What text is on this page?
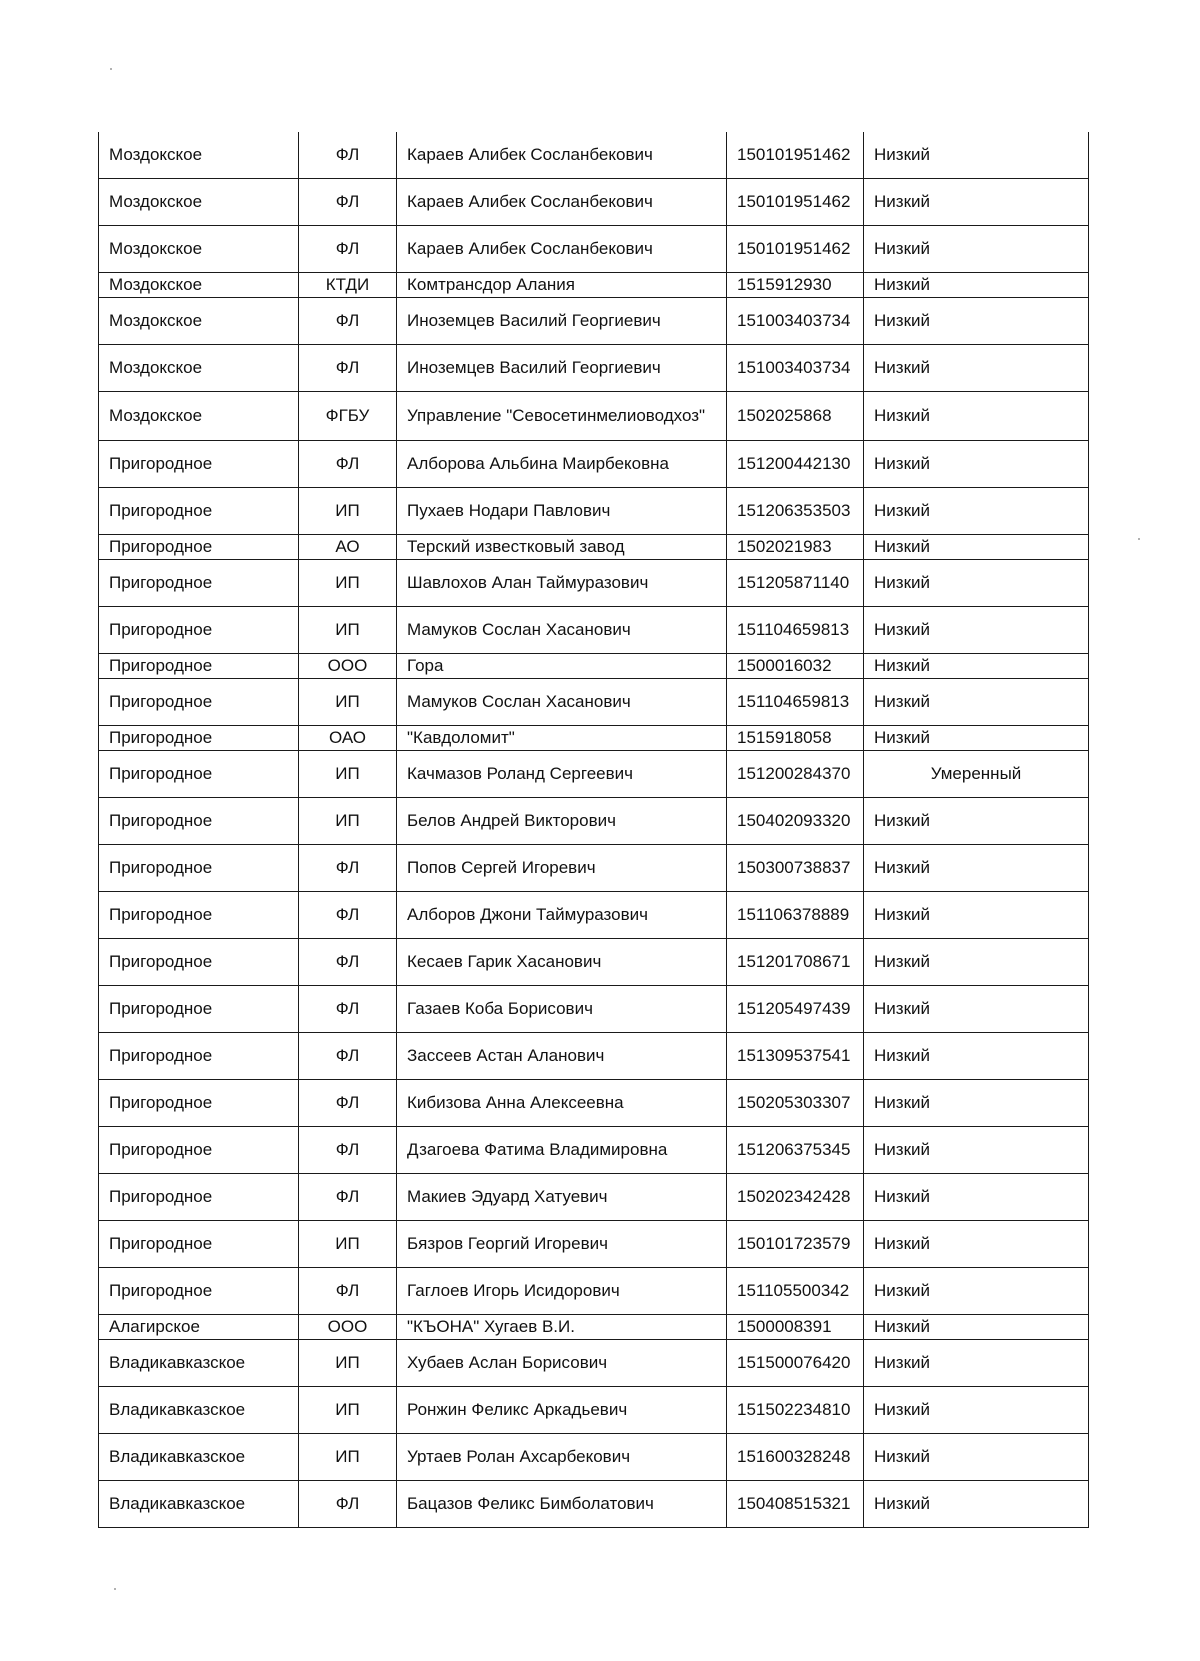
Моздокское	ФЛ	Караев Алибек Сосланбекович	150101951462	Низкий
Моздокское	ФЛ	Караев Алибек Сосланбекович	150101951462	Низкий
Моздокское	ФЛ	Караев Алибек Сосланбекович	150101951462	Низкий
Моздокское	КТДИ	Комтрансдор Алания	1515912930	Низкий
Моздокское	ФЛ	Иноземцев Василий Георгиевич	151003403734	Низкий
Моздокское	ФЛ	Иноземцев Василий Георгиевич	151003403734	Низкий
Моздокское	ФГБУ	Управление "Севосетинмелиоводхоз"	1502025868	Низкий
Пригородное	ФЛ	Алборова Альбина Маирбековна	151200442130	Низкий
Пригородное	ИП	Пухаев Нодари Павлович	151206353503	Низкий
Пригородное	АО	Терский известковый завод	1502021983	Низкий
Пригородное	ИП	Шавлохов Алан Таймуразович	151205871140	Низкий
Пригородное	ИП	Мамуков Сослан Хасанович	151104659813	Низкий
Пригородное	ООО	Гора	1500016032	Низкий
Пригородное	ИП	Мамуков Сослан Хасанович	151104659813	Низкий
Пригородное	ОАО	"Кавдоломит"	1515918058	Низкий
Пригородное	ИП	Качмазов Роланд Сергеевич	151200284370	Умеренный
Пригородное	ИП	Белов Андрей Викторович	150402093320	Низкий
Пригородное	ФЛ	Попов Сергей Игоревич	150300738837	Низкий
Пригородное	ФЛ	Алборов Джони Таймуразович	151106378889	Низкий
Пригородное	ФЛ	Кесаев Гарик Хасанович	151201708671	Низкий
Пригородное	ФЛ	Газаев Коба Борисович	151205497439	Низкий
Пригородное	ФЛ	Зассеев Астан Аланович	151309537541	Низкий
Пригородное	ФЛ	Кибизова Анна Алексеевна	150205303307	Низкий
Пригородное	ФЛ	Дзагоева Фатима Владимировна	151206375345	Низкий
Пригородное	ФЛ	Макиев Эдуард Хатуевич	150202342428	Низкий
Пригородное	ИП	Бязров Георгий Игоревич	150101723579	Низкий
Пригородное	ФЛ	Гаглоев Игорь Исидорович	151105500342	Низкий
Алагирское	ООО	"КЪОНА" Хугаев В.И.	1500008391	Низкий
Владикавказское	ИП	Хубаев Аслан Борисович	151500076420	Низкий
Владикавказское	ИП	Ронжин Феликс Аркадьевич	151502234810	Низкий
Владикавказское	ИП	Уртаев Ролан Ахсарбекович	151600328248	Низкий
Владикавказское	ФЛ	Бацазов Феликс Бимболатович	150408515321	Низкий
